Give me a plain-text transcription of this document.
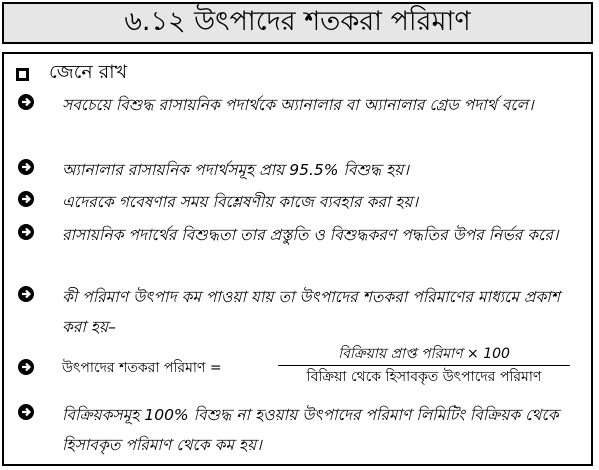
৬.১২ উৎপাদের শতকরা পরিমাণ
জেনে রাখ
সবচেয়ে বিশুদ্ধ রাসায়নিক পদার্থকে অ্যানালার বা অ্যানালার গ্রেড পদার্থ বলে।
অ্যানালার রাসায়নিক পদার্থসমূহ প্রায় 95.5% বিশুদ্ধ হয়।
এদেরকে গবেষণার সময় বিশ্লেষণীয় কাজে ব্যবহার করা হয়।
রাসায়নিক পদার্থের বিশুদ্ধতা তার প্রস্তুতি ও বিশুদ্ধকরণ পদ্ধতির উপর নির্ভর করে।
কী পরিমাণ উৎপাদ কম পাওয়া যায় তা উৎপাদের শতকরা পরিমাণের মাধ্যমে প্রকাশ করা হয়–
উৎপাদের শতকরা পরিমাণ =
বিক্রিয়ায় প্রাপ্ত পরিমাণ × 100
বিক্রিয়া থেকে হিসাবকৃত উৎপাদের পরিমাণ
বিক্রিয়কসমূহ 100% বিশুদ্ধ না হওয়ায় উৎপাদের পরিমাণ লিমিটিং বিক্রিয়ক থেকে হিসাবকৃত পরিমাণ থেকে কম হয়।
